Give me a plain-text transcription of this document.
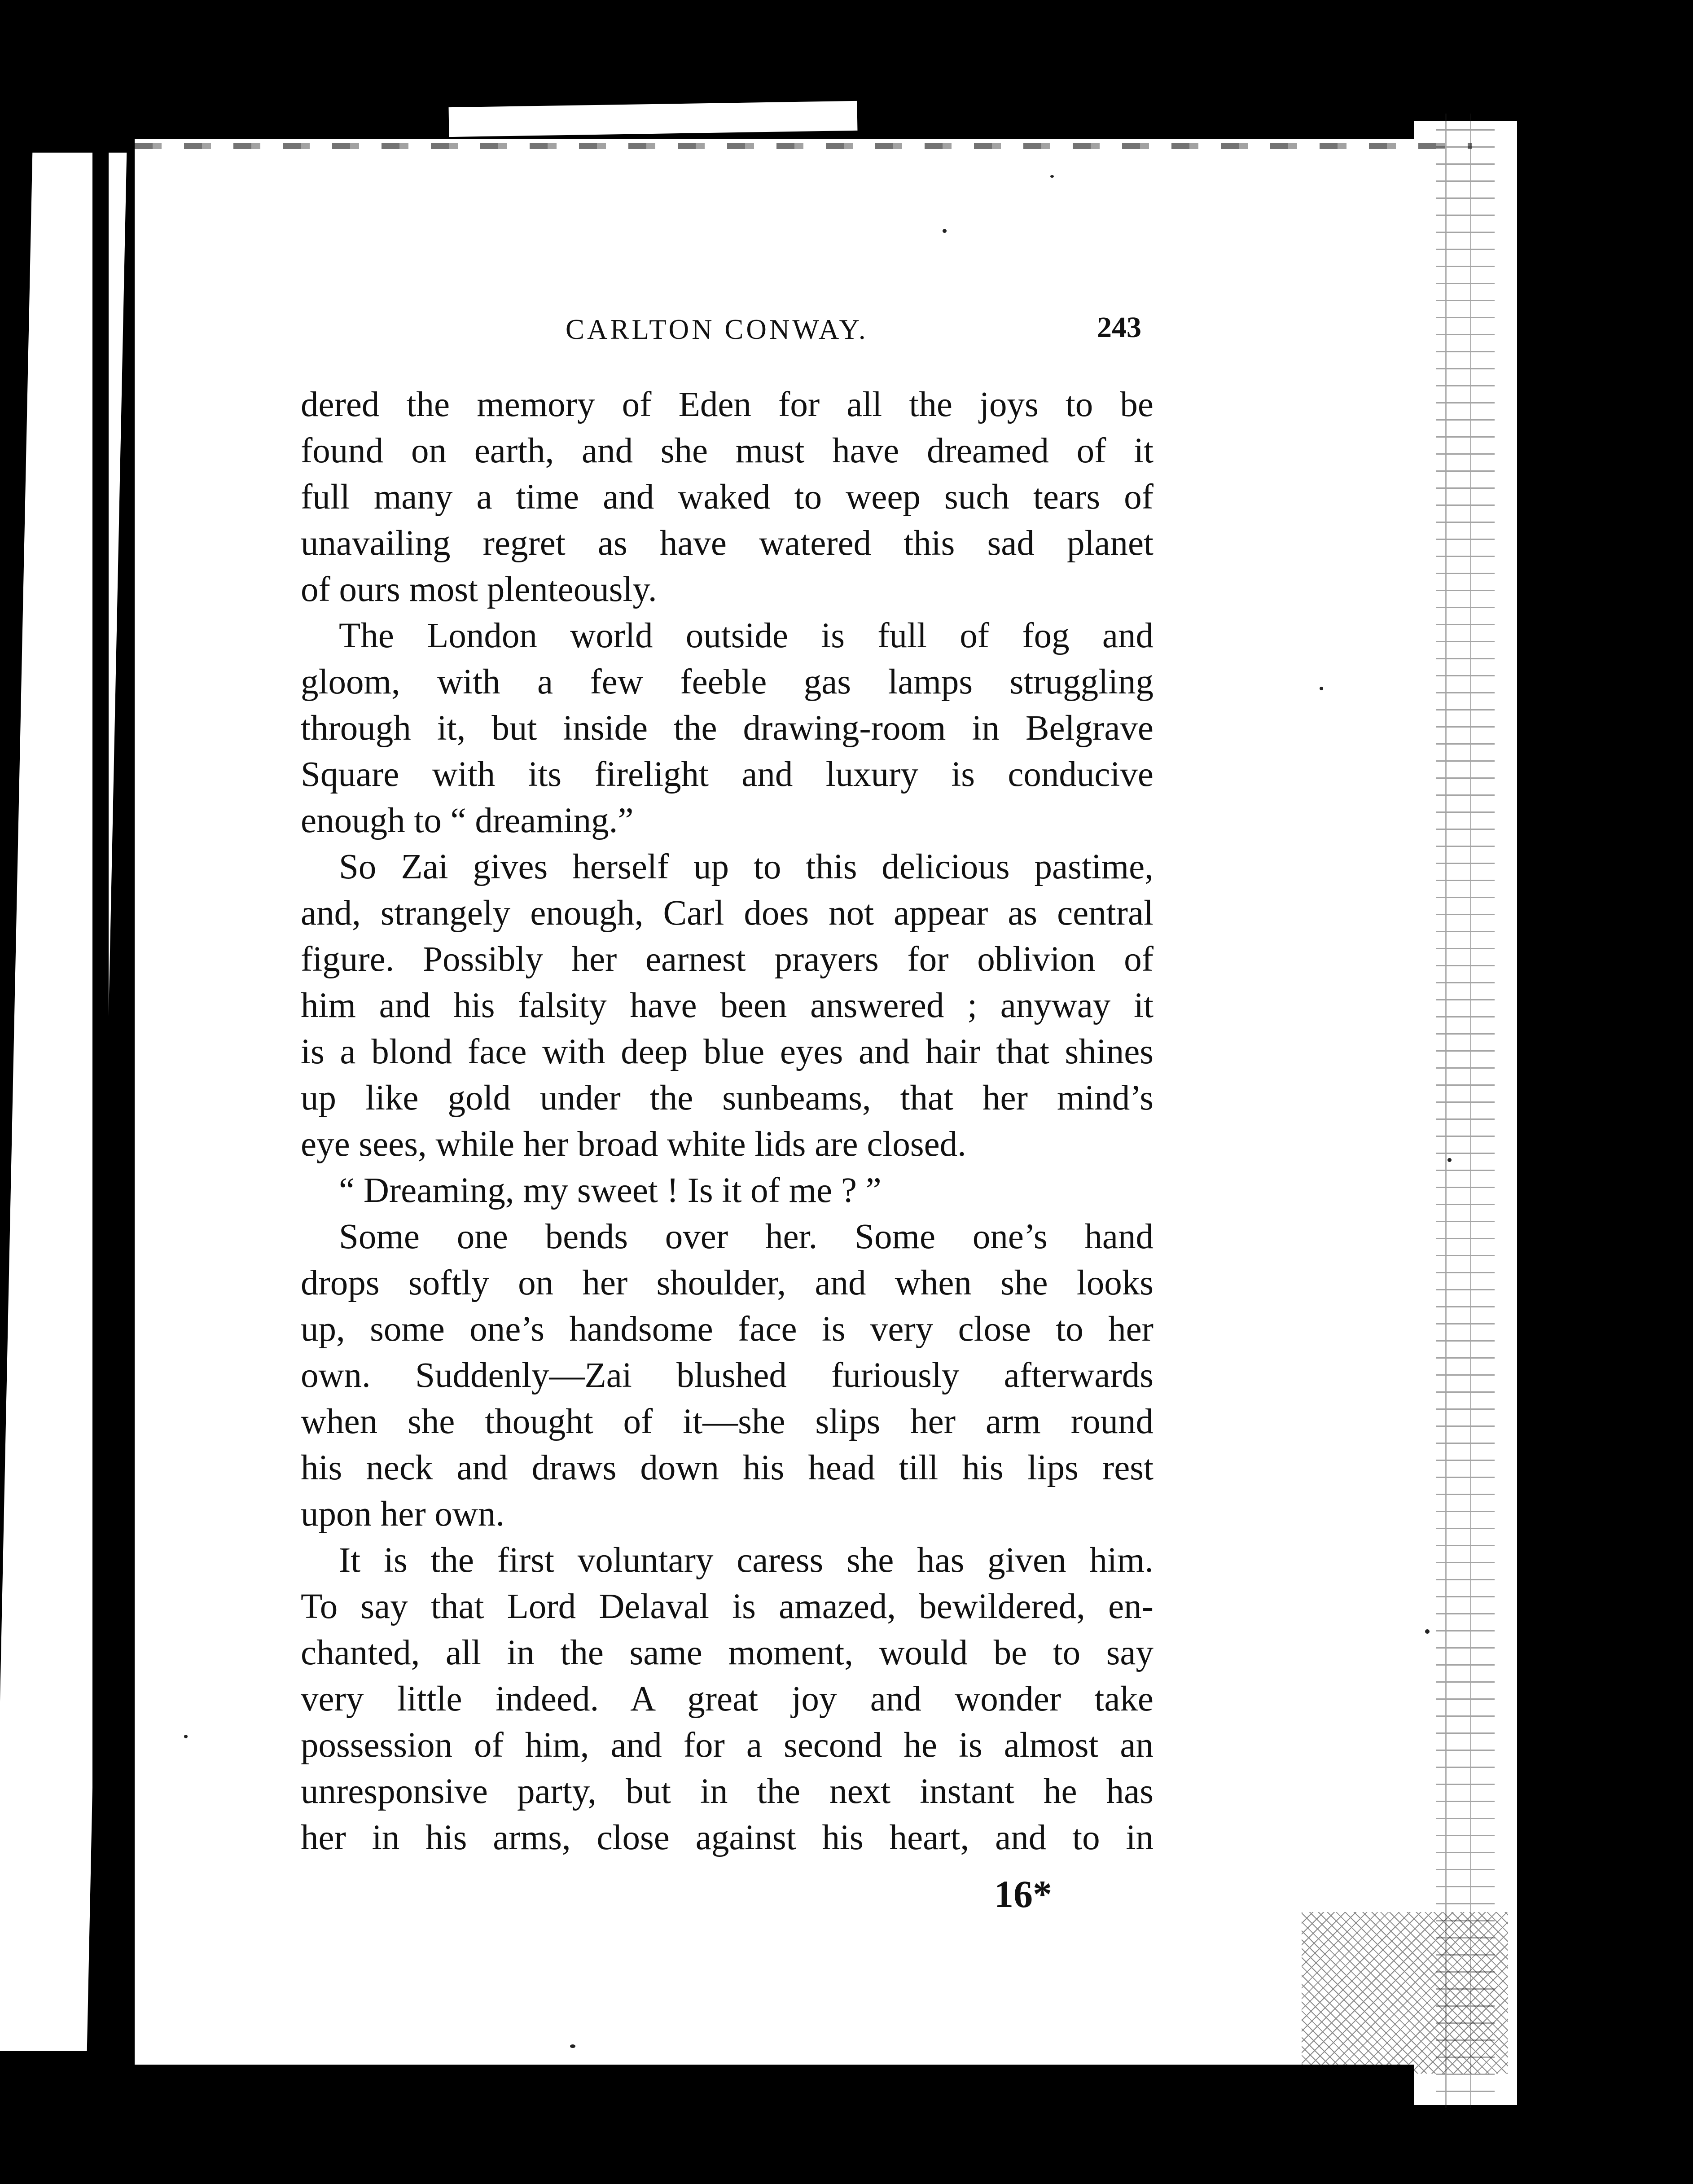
CARLTON CONWAY.	243
dered the memory of Eden for all the joys to be
found on earth, and she must have dreamed of it
full many a time and waked to weep such tears of
unavailing regret as have watered this sad planet
of ours most plenteously.
The London world outside is full of fog and
gloom, with a few feeble gas lamps struggling
through it, but inside the drawing-room in Belgrave
Square with its firelight and luxury is conducive
enough to “ dreaming.”
So Zai gives herself up to this delicious pastime,
and, strangely enough, Carl does not appear as central
figure. Possibly her earnest prayers for oblivion of
him and his falsity have been answered ; anyway it
is a blond face with deep blue eyes and hair that shines
up like gold under the sunbeams, that her mind’s
eye sees, while her broad white lids are closed.
“ Dreaming, my sweet ! Is it of me ? ”
Some one bends over her. Some one’s hand
drops softly on her shoulder, and when she looks
up, some one’s handsome face is very close to her
own. Suddenly—Zai blushed furiously afterwards
when she thought of it—she slips her arm round
his neck and draws down his head till his lips rest
upon her own.
It is the first voluntary caress she has given him.
To say that Lord Delaval is amazed, bewildered, en-
chanted, all in the same moment, would be to say
very little indeed. A great joy and wonder take
possession of him, and for a second he is almost an
unresponsive party, but in the next instant he has
her in his arms, close against his heart, and to in
16*
